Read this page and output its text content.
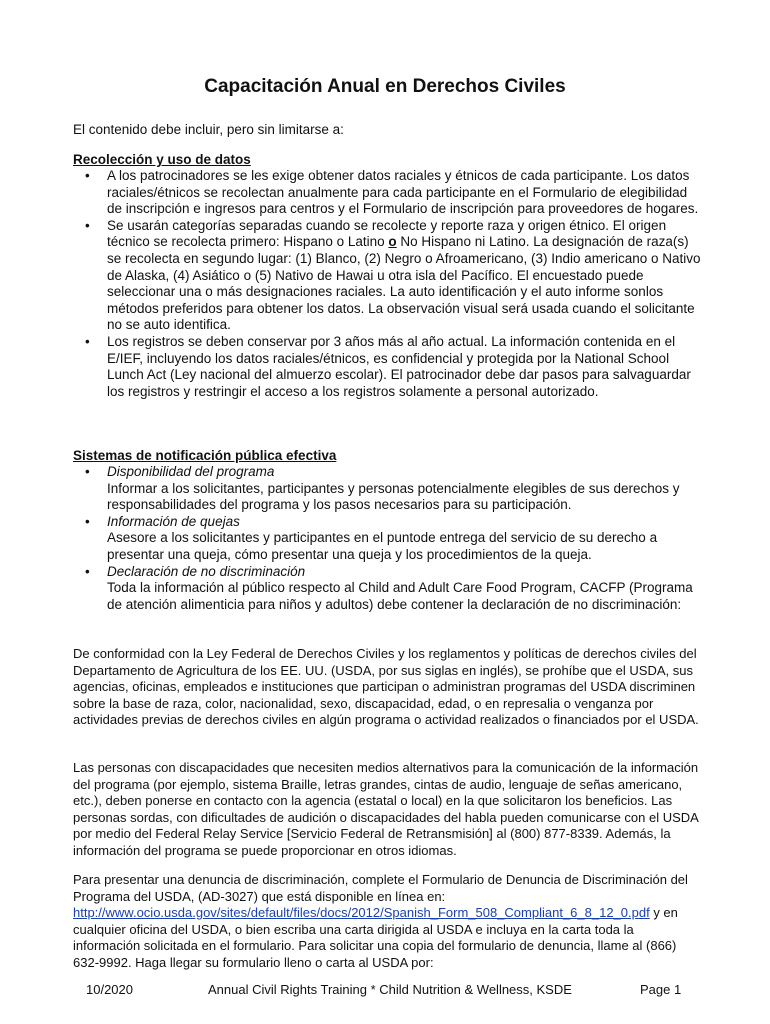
Capacitación Anual en Derechos Civiles

El contenido debe incluir, pero sin limitarse a:

Recolección y uso de datos

• A los patrocinadores se les exige obtener datos raciales y étnicos de cada participante. Los datos raciales/étnicos se recolectan anualmente para cada participante en el Formulario de elegibilidad de inscripción e ingresos para centros y el Formulario de inscripción para proveedores de hogares.
• Se usarán categorías separadas cuando se recolecte y reporte raza y origen étnico. El origen técnico se recolecta primero: Hispano o Latino o No Hispano ni Latino. La designación de raza(s) se recolecta en segundo lugar: (1) Blanco, (2) Negro o Afroamericano, (3) Indio americano o Nativo de Alaska, (4) Asiático o (5) Nativo de Hawai u otra isla del Pacífico. El encuestado puede seleccionar una o más designaciones raciales. La auto identificación y el auto informe sonlos métodos preferidos para obtener los datos. La observación visual será usada cuando el solicitante no se auto identifica.
• Los registros se deben conservar por 3 años más al año actual. La información contenida en el E/IEF, incluyendo los datos raciales/étnicos, es confidencial y protegida por la National School Lunch Act (Ley nacional del almuerzo escolar). El patrocinador debe dar pasos para salvaguardar los registros y restringir el acceso a los registros solamente a personal autorizado.

Sistemas de notificación pública efectiva

• Disponibilidad del programa
Informar a los solicitantes, participantes y personas potencialmente elegibles de sus derechos y responsabilidades del programa y los pasos necesarios para su participación.
• Información de quejas
Asesore a los solicitantes y participantes en el puntode entrega del servicio de su derecho a presentar una queja, cómo presentar una queja y los procedimientos de la queja.
• Declaración de no discriminación
Toda la información al público respecto al Child and Adult Care Food Program, CACFP (Programa de atención alimenticia para niños y adultos) debe contener la declaración de no discriminación:

De conformidad con la Ley Federal de Derechos Civiles y los reglamentos y políticas de derechos civiles del Departamento de Agricultura de los EE. UU. (USDA, por sus siglas en inglés), se prohíbe que el USDA, sus agencias, oficinas, empleados e instituciones que participan o administran programas del USDA discriminen sobre la base de raza, color, nacionalidad, sexo, discapacidad, edad, o en represalia o venganza por actividades previas de derechos civiles en algún programa o actividad realizados o financiados por el USDA.

Las personas con discapacidades que necesiten medios alternativos para la comunicación de la información del programa (por ejemplo, sistema Braille, letras grandes, cintas de audio, lenguaje de señas americano, etc.), deben ponerse en contacto con la agencia (estatal o local) en la que solicitaron los beneficios. Las personas sordas, con dificultades de audición o discapacidades del habla pueden comunicarse con el USDA por medio del Federal Relay Service [Servicio Federal de Retransmisión] al (800) 877-8339. Además, la información del programa se puede proporcionar en otros idiomas.

Para presentar una denuncia de discriminación, complete el Formulario de Denuncia de Discriminación del Programa del USDA, (AD-3027) que está disponible en línea en: http://www.ocio.usda.gov/sites/default/files/docs/2012/Spanish_Form_508_Compliant_6_8_12_0.pdf y en cualquier oficina del USDA, o bien escriba una carta dirigida al USDA e incluya en la carta toda la información solicitada en el formulario. Para solicitar una copia del formulario de denuncia, llame al (866) 632-9992. Haga llegar su formulario lleno o carta al USDA por:

10/2020	Annual Civil Rights Training * Child Nutrition & Wellness, KSDE	Page 1
